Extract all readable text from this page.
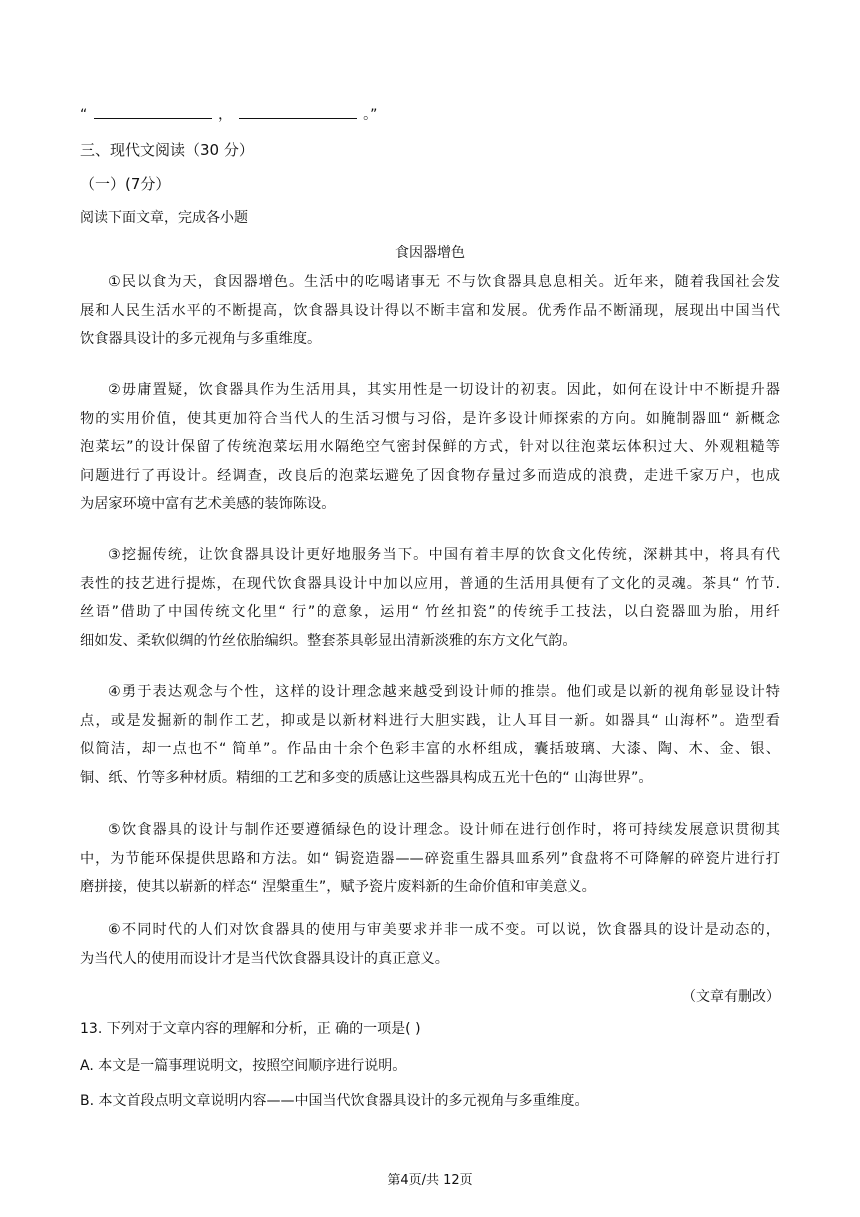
“	，	。”
三、现代文阅读（30 分）
（一）(7分）
阅读下面文章，完成各小题
食因器增色
①民以食为天，食因器增色。生活中的吃喝诸事无 不与饮食器具息息相关。近年来，随着我国社会发
展和人民生活水平的不断提高，饮食器具设计得以不断丰富和发展。优秀作品不断涌现，展现出中国当代
饮食器具设计的多元视角与多重维度。
②毋庸置疑，饮食器具作为生活用具，其实用性是一切设计的初衷。因此，如何在设计中不断提升器
物的实用价值，使其更加符合当代人的生活习惯与习俗，是许多设计师探索的方向。如腌制器皿“ 新概念
泡菜坛”的设计保留了传统泡菜坛用水隔绝空气密封保鲜的方式，针对以往泡菜坛体积过大、外观粗糙等
问题进行了再设计。经调查，改良后的泡菜坛避免了因食物存量过多而造成的浪费，走进千家万户，也成
为居家环境中富有艺术美感的装饰陈设。
③挖掘传统，让饮食器具设计更好地服务当下。中国有着丰厚的饮食文化传统，深耕其中，将具有代
表性的技艺进行提炼，在现代饮食器具设计中加以应用，普通的生活用具便有了文化的灵魂。茶具“ 竹节.
丝语”借助了中国传统文化里“ 行”的意象，运用“ 竹丝扣瓷”的传统手工技法，以白瓷器皿为胎，用纤
细如发、柔软似绸的竹丝依胎编织。整套茶具彰显出清新淡雅的东方文化气韵。
④勇于表达观念与个性，这样的设计理念越来越受到设计师的推崇。他们或是以新的视角彰显设计特
点，或是发掘新的制作工艺，抑或是以新材料进行大胆实践，让人耳目一新。如器具“ 山海杯”。造型看
似简洁，却一点也不“ 简单”。作品由十余个色彩丰富的水杯组成，囊括玻璃、大漆、陶、木、金、银、
铜、纸、竹等多种材质。精细的工艺和多变的质感让这些器具构成五光十色的“ 山海世界”。
⑤饮食器具的设计与制作还要遵循绿色的设计理念。设计师在进行创作时，将可持续发展意识贯彻其
中，为节能环保提供思路和方法。如“ 锔瓷造器——碎瓷重生器具皿系列”食盘将不可降解的碎瓷片进行打
磨拼接，使其以崭新的样态“ 涅槃重生”，赋予瓷片废料新的生命价值和审美意义。
⑥不同时代的人们对饮食器具的使用与审美要求并非一成不变。可以说，饮食器具的设计是动态的，
为当代人的使用而设计才是当代饮食器具设计的真正意义。
（文章有删改）
13. 下列对于文章内容的理解和分析，正 确的一项是( )
A. 本文是一篇事理说明文，按照空间顺序进行说明。
B. 本文首段点明文章说明内容——中国当代饮食器具设计的多元视角与多重维度。
第4页/共 12页
